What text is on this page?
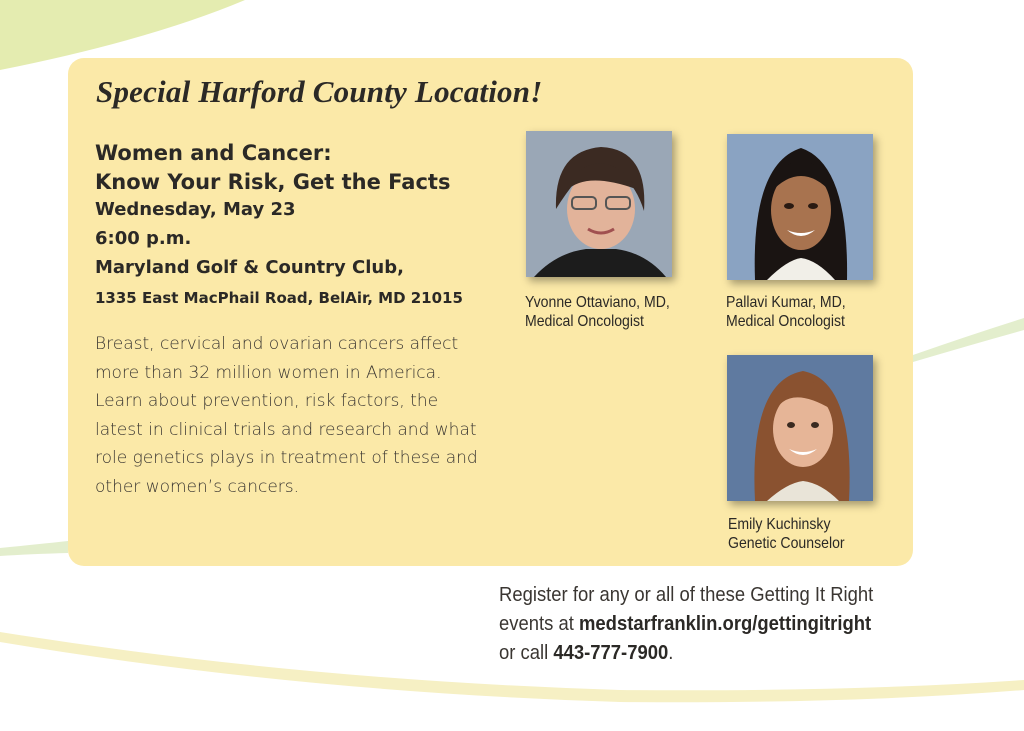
Special Harford County Location!
Women and Cancer:
Know Your Risk, Get the Facts
Wednesday, May 23
6:00 p.m.
Maryland Golf & Country Club,
1335 East MacPhail Road, BelAir, MD 21015
Breast, cervical and ovarian cancers affect
more than 32 million women in America.
Learn about prevention, risk factors, the
latest in clinical trials and research and what
role genetics plays in treatment of these and
other women’s cancers.
Yvonne Ottaviano, MD,
Medical Oncologist
Pallavi Kumar, MD,
Medical Oncologist
Emily Kuchinsky
Genetic Counselor
Register for any or all of these Getting It Right
events at medstarfranklin.org/gettingitright
or call 443-777-7900.
